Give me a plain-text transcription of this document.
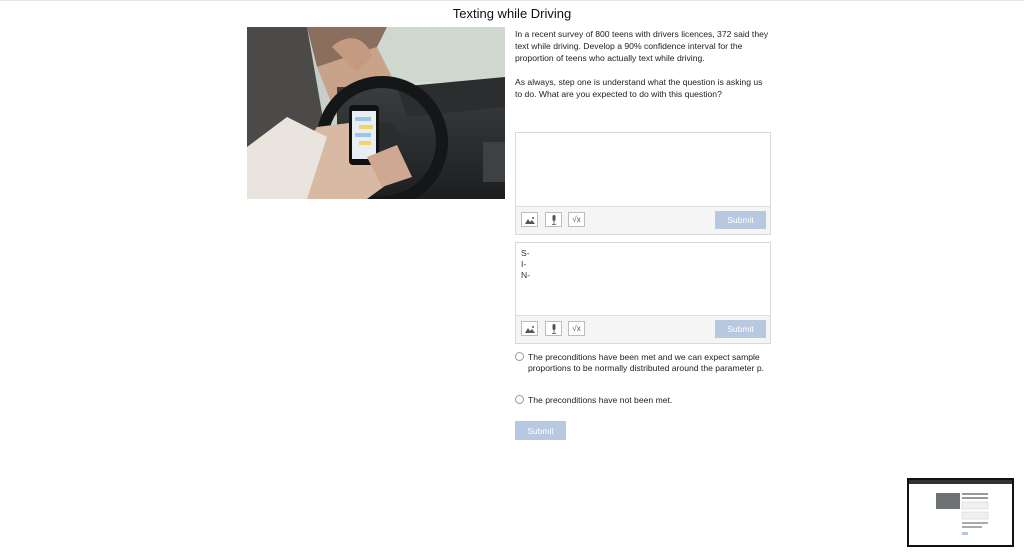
Texting while Driving

In a recent survey of 800 teens with drivers licences, 372 said they text while driving. Develop a 90% confidence interval for the proportion of teens who actually text while driving.

As always, step one is understand what the question is asking us to do. What are you expected to do with this question?

√x	Submit
S-
I-
N-
√x	Submit
The preconditions have been met and we can expect sample proportions to be normally distributed around the parameter p.
The preconditions have not been met.
Submit
